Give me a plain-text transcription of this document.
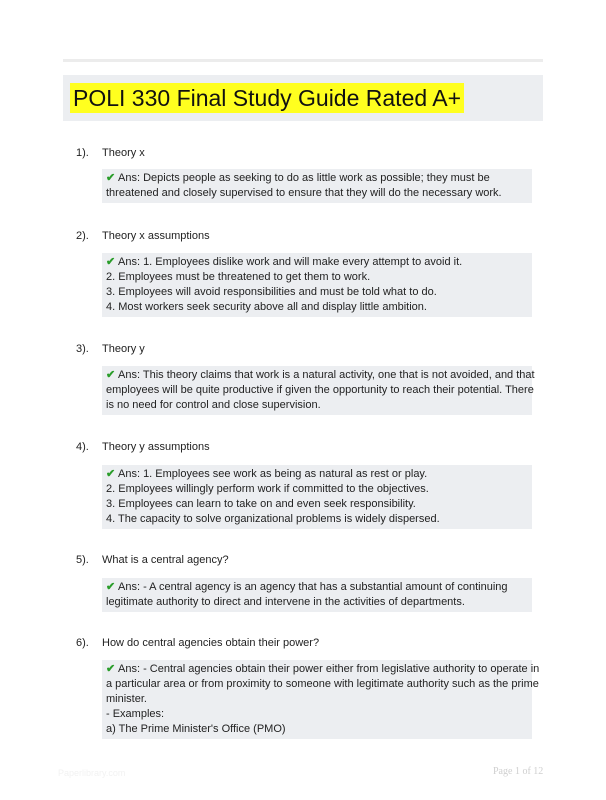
POLI 330 Final Study Guide Rated A+
1). Theory x
✔ Ans: Depicts people as seeking to do as little work as possible; they must be
threatened and closely supervised to ensure that they will do the necessary work.
2). Theory x assumptions
✔ Ans: 1. Employees dislike work and will make every attempt to avoid it.
2. Employees must be threatened to get them to work.
3. Employees will avoid responsibilities and must be told what to do.
4. Most workers seek security above all and display little ambition.
3). Theory y
✔ Ans: This theory claims that work is a natural activity, one that is not avoided, and that
employees will be quite productive if given the opportunity to reach their potential. There
is no need for control and close supervision.
4). Theory y assumptions
✔ Ans: 1. Employees see work as being as natural as rest or play.
2. Employees willingly perform work if committed to the objectives.
3. Employees can learn to take on and even seek responsibility.
4. The capacity to solve organizational problems is widely dispersed.
5). What is a central agency?
✔ Ans: - A central agency is an agency that has a substantial amount of continuing
legitimate authority to direct and intervene in the activities of departments.
6). How do central agencies obtain their power?
✔ Ans: - Central agencies obtain their power either from legislative authority to operate in
a particular area or from proximity to someone with legitimate authority such as the prime
minister.
- Examples:
a) The Prime Minister's Office (PMO)
Paperlibrary.com	Page 1 of 12
